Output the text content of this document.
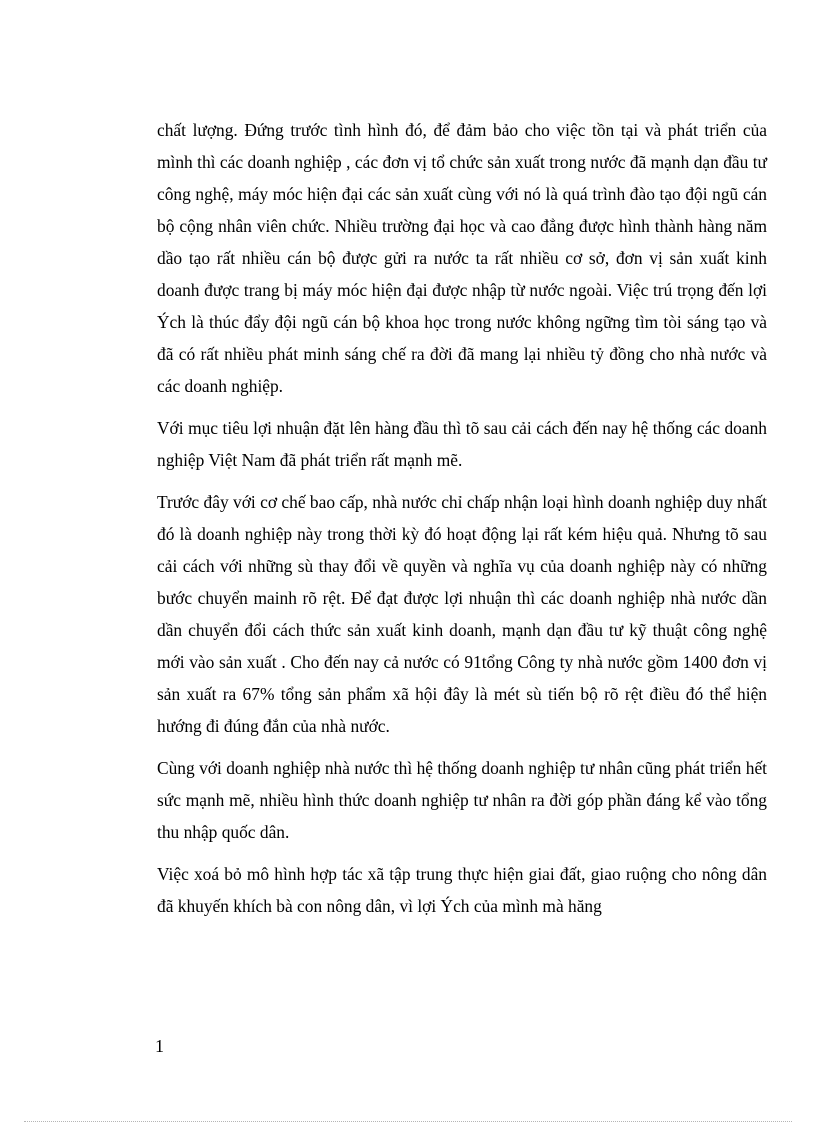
chất lượng. Đứng trước tình hình đó, để đảm bảo cho việc tồn tại và phát triển của mình thì các doanh nghiệp , các đơn vị tổ chức sản xuất trong nước đã mạnh dạn đầu tư công nghệ, máy móc hiện đại các sản xuất cùng với nó là quá trình đào tạo đội ngũ cán bộ cộng nhân viên chức. Nhiều trường đại học và cao đẳng được hình thành hàng năm dầo tạo rất nhiều cán bộ được gửi ra nước ta rất nhiều cơ sở, đơn vị sản xuất kinh doanh được trang bị máy móc hiện đại được nhập từ nước ngoài. Việc trú trọng đến lợi Ých là thúc đẩy đội ngũ cán bộ khoa học trong nước không ngững tìm tòi sáng tạo và đã có rất nhiều phát minh sáng chế ra đời đã mang lại nhiều tỷ đồng cho nhà nước và các doanh nghiệp.

Với mục tiêu lợi nhuận đặt lên hàng đầu thì tõ sau cải cách đến nay hệ thống các doanh nghiệp Việt Nam đã phát triển rất mạnh mẽ.

Trước đây với cơ chế bao cấp, nhà nước chỉ chấp nhận loại hình doanh nghiệp duy nhất đó là doanh nghiệp này trong thời kỳ đó hoạt động lại rất kém hiệu quả. Nhưng tõ sau cải cách với những sù thay đổi về quyền và nghĩa vụ của doanh nghiệp này có những bước chuyển mainh rõ rệt. Để đạt được lợi nhuận thì các doanh nghiệp nhà nước dần dần chuyển đổi cách thức sản xuất kinh doanh, mạnh dạn đầu tư kỹ thuật công nghệ mới vào sản xuất . Cho đến nay cả nước có 91tổng Công ty nhà nước gồm 1400 đơn vị sản xuất ra 67% tổng sản phẩm xã hội đây là mét sù tiến bộ rõ rệt điều đó thể hiện hướng đi đúng đắn của nhà nước.

Cùng với doanh nghiệp nhà nước thì hệ thống doanh nghiệp tư nhân cũng phát triển hết sức mạnh mẽ, nhiều hình thức doanh nghiệp tư nhân ra đời góp phần đáng kể vào tổng thu nhập quốc dân.

Việc xoá bỏ mô hình hợp tác xã tập trung thực hiện giai đất, giao ruộng cho nông dân đã khuyến khích bà con nông dân, vì lợi Ých của mình mà hăng

1
